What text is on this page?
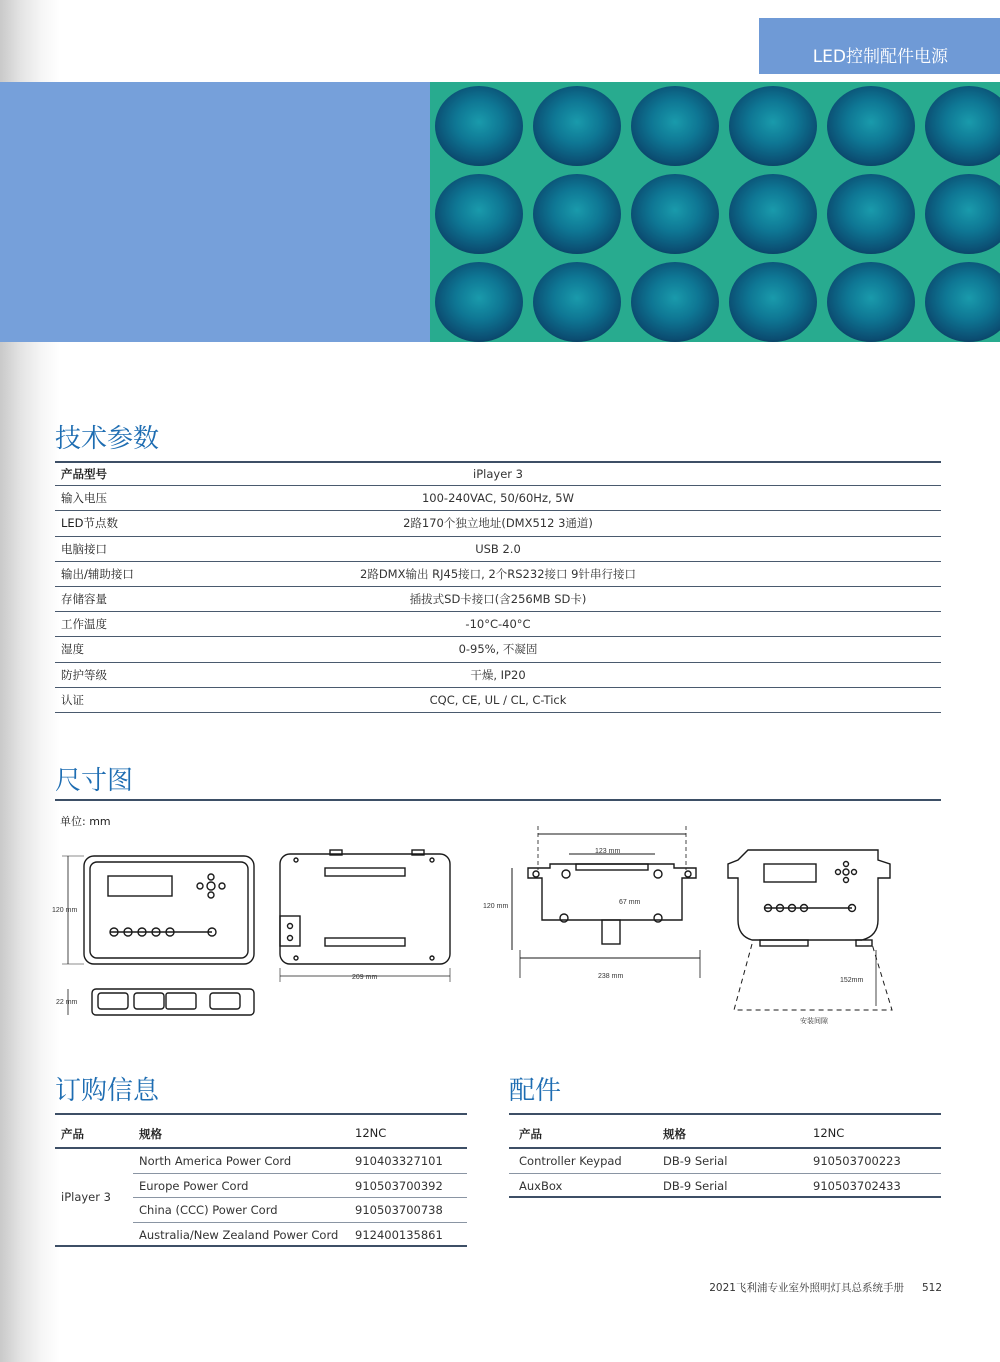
LED控制配件电源
技术参数
产品型号	iPlayer 3
输入电压	100-240VAC, 50/60Hz, 5W
LED节点数	2路170个独立地址(DMX512 3通道)
电脑接口	USB 2.0
输出/辅助接口	2路DMX输出 RJ45接口, 2个RS232接口 9针串行接口
存储容量	插拔式SD卡接口(含256MB SD卡)
工作温度	-10°C-40°C
湿度	0-95%, 不凝固
防护等级	干燥, IP20
认证	CQC, CE, UL / CL, C-Tick
尺寸图
单位: mm
120 mm
22 mm
209 mm
123 mm
120 mm
67 mm
238 mm
152mm
安装间隙
订购信息
产品	规格	12NC
iPlayer 3
North America Power Cord	910403327101
Europe Power Cord	910503700392
China (CCC) Power Cord	910503700738
Australia/New Zealand Power Cord 912400135861
配件
产品	规格	12NC
Controller Keypad	DB-9 Serial	910503700223
AuxBox	DB-9 Serial	910503702433
2021飞利浦专业室外照明灯具总系统手册 512
